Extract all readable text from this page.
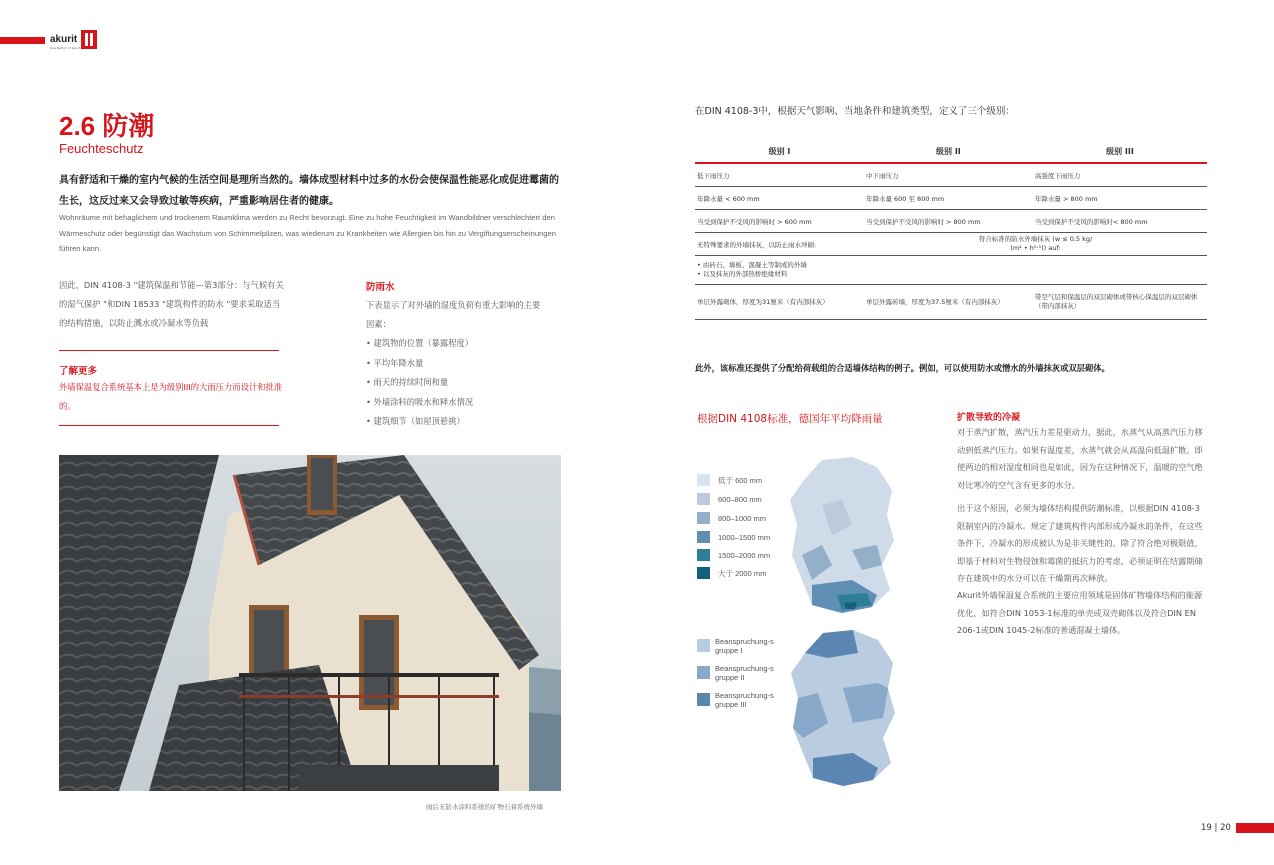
akurit
One Nation of akurit
2.6 防潮
Feuchteschutz
具有舒适和干燥的室内气候的生活空间是理所当然的。墙体成型材料中过多的水份会使保温性能恶化或促进霉菌的生长，这反过来又会导致过敏等疾病，严重影响居住者的健康。
Wohnräume mit behaglichem und trockenem Raumklima werden zu Recht bevorzugt. Eine zu hohe Feuchtigkeit im Wandbildner verschlechtert den Wärmeschutz oder begünstigt das Wachstum von Schimmelpilzen, was wiederum zu Krankheiten wie Allergien bis hin zu Vergiftungserscheinungen führen kann.
因此，DIN 4108-3 "建筑保温和节能—第3部分：与气候有关的湿气保护 "和DIN 18533 "建筑构件的防水 "要求采取适当的结构措施，以防止溅水或冷凝水等负载
了解更多
外墙保温复合系统基本上是为级别III的大雨压力而设计和批准的。
防雨水
下表显示了对外墙的湿度负荷有重大影响的主要因素：
• 建筑物的位置（暴露程度）
• 平均年降水量
• 雨天的持续时间和量
• 外墙涂料的吸水和释水情况
• 建筑细节（如屋顶悬挑）
雨后无防水涂料系统的矿物石膏系统外墙
在DIN 4108-3中，根据天气影响、当地条件和建筑类型，定义了三个级别：
级别 I	级别 II	级别 III
低下雨压力	中下雨压力	高强度下雨压力
年降水量 < 600 mm	年降水量 600 至 800 mm	年降水量 > 800 mm
当受到保护不受风的影响时 > 600 mm	当受到保护不受风的影响时 > 800 mm	当受到保护不受风的影响时< 800 mm
无特殊要求的外墙抹灰，以防止雨水冲刷：	符合标准的防水外墙抹灰 (w ≤ 0,5 kg/
(m² • h⁰·⁵)) auf:	

• 由砖石、墙板、混凝土等制成的外墙
• 以及抹灰的外部热桥绝缘材料		

单层外露砌体，厚度为31厘米（有内部抹灰）	单层外露砖墙，厚度为37.5厘米（有内部抹灰）	带空气层和保温层的双层砌体或带核心保温层的双层砌体（带内部抹灰）
此外，该标准还提供了分配给荷载组的合适墙体结构的例子。例如，可以使用防水或憎水的外墙抹灰或双层砌体。
根据DIN 4108标准，德国年平均降雨量
低于 600 mm
600–800 mm
800–1000 mm
1000–1500 mm
1500–2000 mm
大于 2000 mm
Beanspruchung-s
gruppe I
Beanspruchung-s
gruppe II
Beanspruchung-s
gruppe III
扩散导致的冷凝
对于蒸汽扩散，蒸汽压力差是驱动力，据此，水蒸气从高蒸汽压力移动到低蒸汽压力。如果有温度差，水蒸气就会从高温向低温扩散。即使两边的相对湿度相同也是如此，因为在这种情况下，温暖的空气绝对比寒冷的空气含有更多的水分。
出于这个原因，必须为墙体结构提供防潮标准，以根据DIN 4108-3限制室内的冷凝水。规定了建筑构件内部形成冷凝水的条件，在这些条件下，冷凝水的形成被认为是非关键性的。除了符合绝对极限值，即基于材料对生物侵蚀和霉菌的抵抗力的考虑，必须证明在结露期储存在建筑中的水分可以在干燥期再次释放。
Akurit外墙保温复合系统的主要应用领域是固体矿物墙体结构的能源优化，如符合DIN 1053-1标准的单壳或双壳砌体以及符合DIN EN 206-1或DIN 1045-2标准的普通混凝土墙体。
19 | 20
